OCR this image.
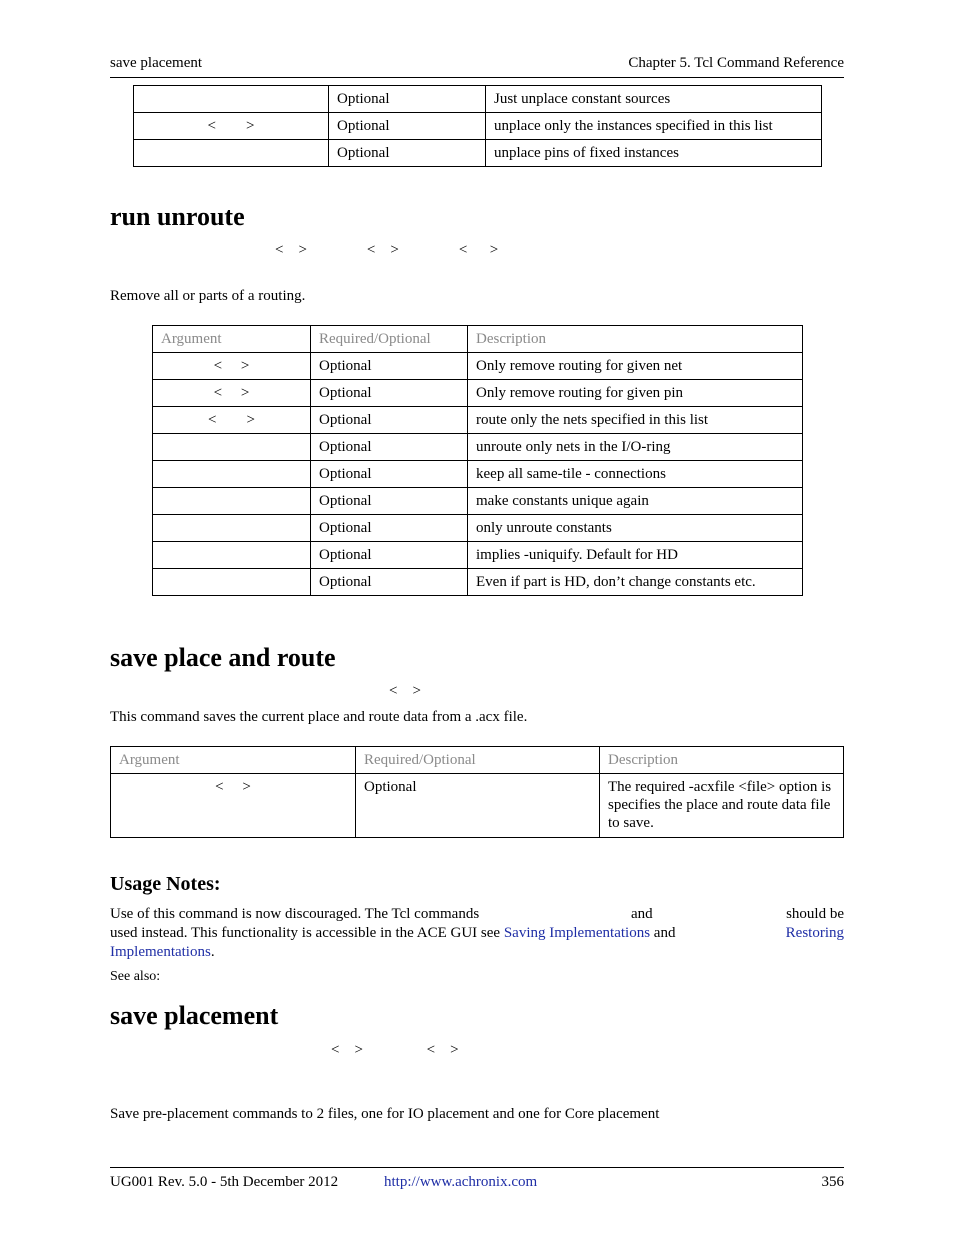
save placement	Chapter 5. Tcl Command Reference
	Optional	Just unplace constant sources
<        >	Optional	unplace only the instances specified in this list
	Optional	unplace pins of fixed instances
run unroute
<    >                <    >                <      >

Remove all or parts of a routing.

Argument	Required/Optional	Description
<     >	Optional	Only remove routing for given net
<     >	Optional	Only remove routing for given pin
<        >	Optional	route only the nets specified in this list
	Optional	unroute only nets in the I/O-ring
	Optional	keep all same-tile - connections
	Optional	make constants unique again
	Optional	only unroute constants
	Optional	implies -uniquify. Default for HD
	Optional	Even if part is HD, don’t change constants etc.
save place and route
<    >

This command saves the current place and route data from a .acx file.

Argument	Required/Optional	Description
<     >	Optional	The required -acxfile <file> option is specifies the place and route data file to save.
Usage Notes:
Use of this command is now discouraged. The Tcl commands	and	should be
used instead. This functionality is accessible in the ACE GUI see Saving Implementations and	Restoring
Implementations.
See also:
save placement
<    >                 <    >

Save pre-placement commands to 2 files, one for IO placement and one for Core placement

UG001 Rev. 5.0 - 5th December 2012	http://www.achronix.com	356
